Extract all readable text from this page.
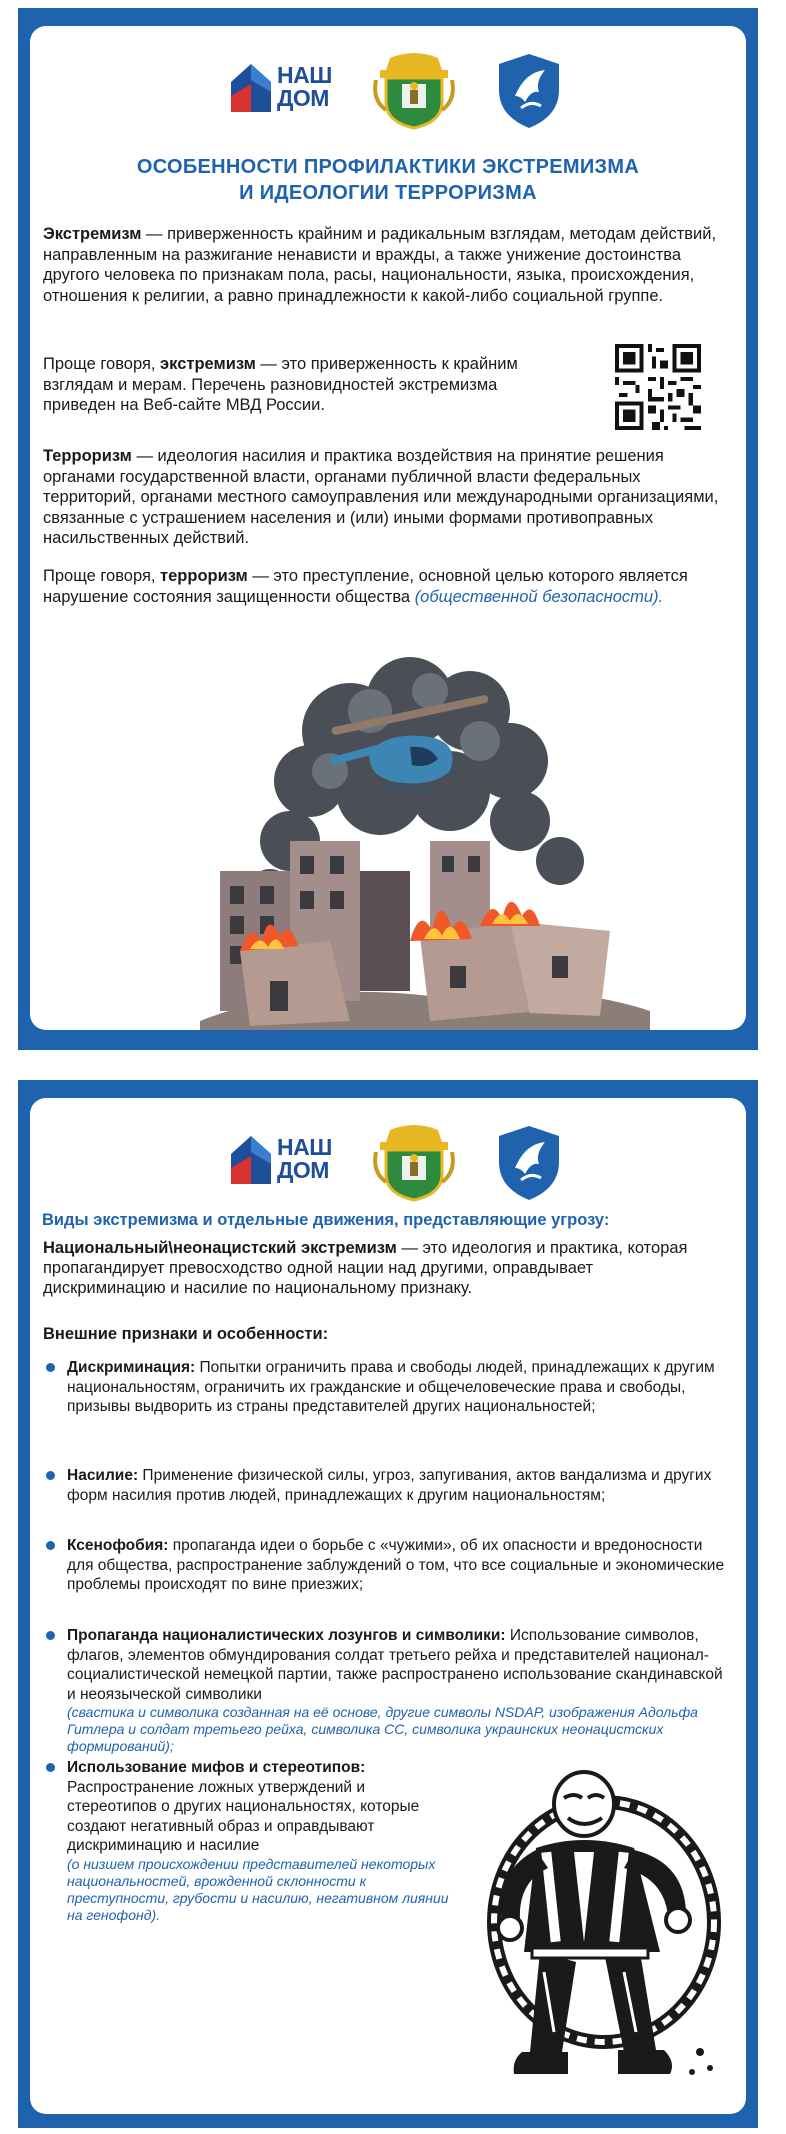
НАШ
ДОМ
ОСОБЕННОСТИ ПРОФИЛАКТИКИ ЭКСТРЕМИЗМА
И ИДЕОЛОГИИ ТЕРРОРИЗМА
Экстремизм — приверженность крайним и радикальным взглядам, методам действий, направленным на разжигание ненависти и вражды, а также унижение достоинства другого человека по признакам пола, расы, национальности, языка, происхождения, отношения к религии, а равно принадлежности к какой-либо социальной группе.
Проще говоря, экстремизм — это приверженность к крайним взглядам и мерам. Перечень разновидностей экстремизма приведен на Веб-сайте МВД России.
Терроризм — идеология насилия и практика воздействия на принятие решения органами государственной власти, органами публичной власти федеральных территорий, органами местного самоуправления или международными организациями, связанные с устрашением населения и (или) иными формами противоправных насильственных действий.
Проще говоря, терроризм — это преступление, основной целью которого является нарушение состояния защищенности общества (общественной безопасности).
НАШ
ДОМ
Виды экстремизма и отдельные движения, представляющие угрозу:
Национальный\неонацистский экстремизм — это идеология и практика, которая пропагандирует превосходство одной нации над другими, оправдывает дискриминацию и насилие по национальному признаку.
Внешние признаки и особенности:
Дискриминация: Попытки ограничить права и свободы людей, принадлежащих к другим национальностям, ограничить их гражданские и общечеловеческие права и свободы, призывы выдворить из страны представителей других национальностей;
Насилие: Применение физической силы, угроз, запугивания, актов вандализма и других форм насилия против людей, принадлежащих к другим национальностям;
Ксенофобия: пропаганда идеи о борьбе с «чужими», об их опасности и вредоносности для общества, распространение заблуждений о том, что все социальные и экономические проблемы происходят по вине приезжих;
Пропаганда националистических лозунгов и символики: Использование символов, флагов, элементов обмундирования солдат третьего рейха и представителей национал-социалистической немецкой партии, также распространено использование скандинавской и неоязыческой символики
(свастика и символика созданная на её основе, другие символы NSDAP, изображения Адольфа Гитлера и солдат третьего рейха, символика СС, символика украинских неонацистских формирований);
Использование мифов и стереотипов: Распространение ложных утверждений и стереотипов о других национальностях, которые создают негативный образ и оправдывают дискриминацию и насилие
(о низшем происхождении представителей некоторых национальностей, врожденной склонности к преступности, грубости и насилию, негативном лиянии на генофонд).
